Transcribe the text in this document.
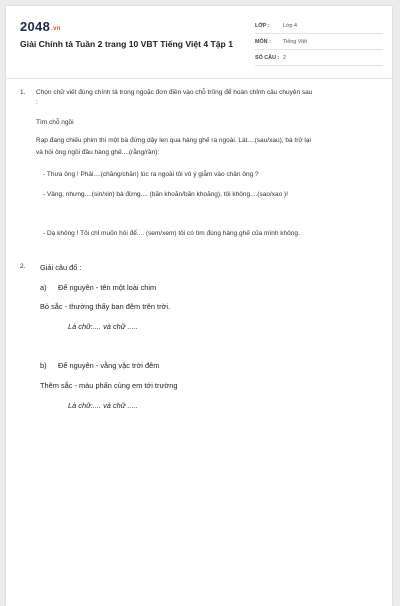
2048.vn
Giải Chính tả Tuần 2 trang 10 VBT Tiếng Việt 4 Tập 1
LỚP :	Lớp 4
MÔN :	Tiếng Việt
SỐ CÂU : 2
1. Chọn chữ viết đúng chính tả trong ngoặc đơn điền vào chỗ trống để hoàn chỉnh câu chuyện sau
:
Tìm chỗ ngồi
Rạp đang chiếu phim thì một bà đứng dậy len qua hàng ghế ra ngoài. Lát....(sau/xau), bà trở lại
và hỏi ông ngồi đầu hàng ghế....(rằng/rần):
- Thưa ông ! Phải....(chăng/chăn) lúc ra ngoài tôi vô ý giẫm vào chân ông ?
- Vâng, nhưng....(sin/xin) bà đừng.... (băn khoăn/băn khoăng), tôi không....(sao/xao )!
- Dạ không ! Tôi chỉ muốn hỏi để.... (sem/xem) tôi có tìm đúng hàng ghế của mình không.
2. Giải câu đố :
a) Để nguyên - tên một loài chim
Bỏ sắc - thường thấy ban đêm trên trời.
Là chữ:.... và chữ .....
b) Để nguyên - vằng vặc trời đêm
Thêm sắc - màu phấn cùng em tới trường
Là chữ:.... và chữ .....
